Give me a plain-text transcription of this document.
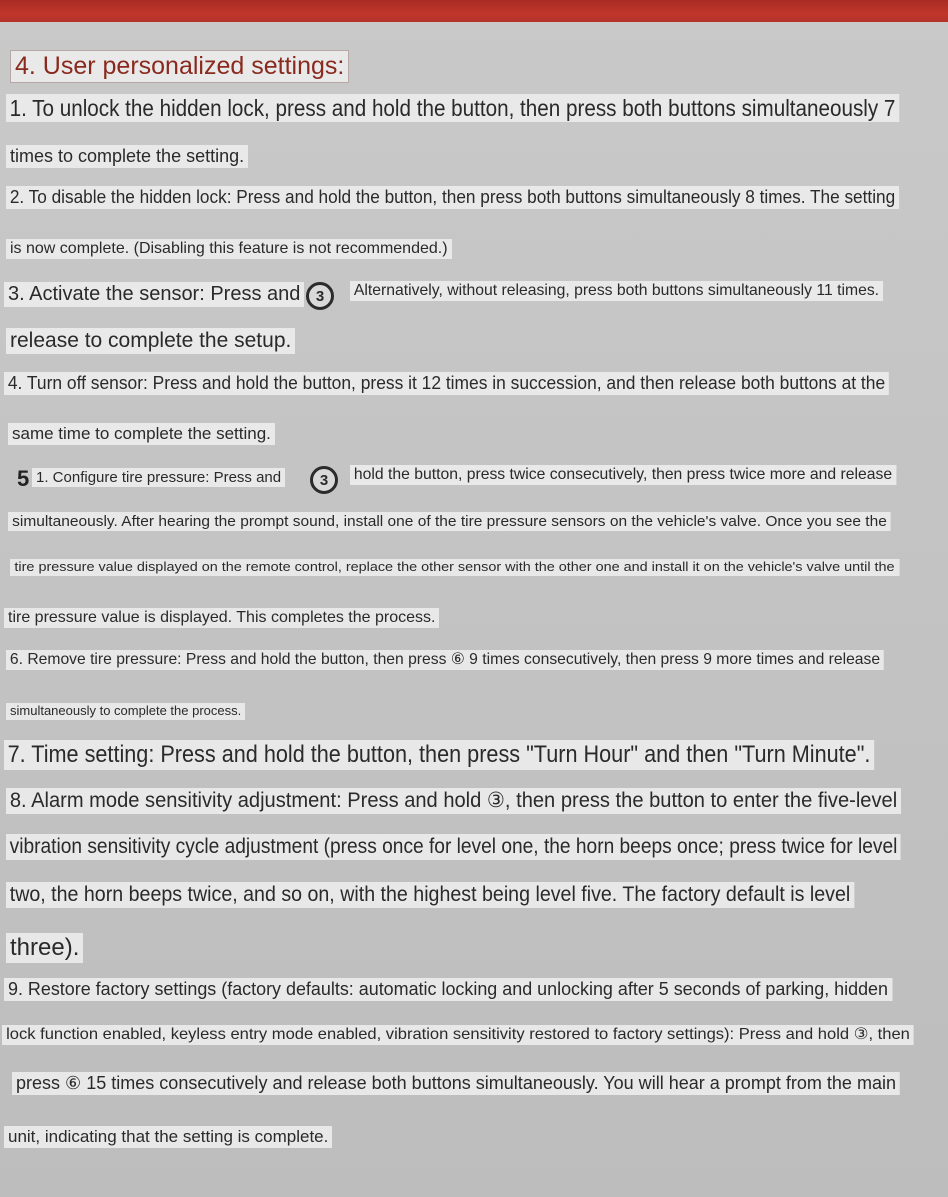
4. User personalized settings:
1. To unlock the hidden lock, press and hold the button, then press both buttons simultaneously 7
times to complete the setting.
2. To disable the hidden lock: Press and hold the button, then press both buttons simultaneously 8 times. The setting
is now complete. (Disabling this feature is not recommended.)
3. Activate the sensor: Press and 3 Alternatively, without releasing, press both buttons simultaneously 11 times.
release to complete the setup.
4. Turn off sensor: Press and hold the button, press it 12 times in succession, and then release both buttons at the
same time to complete the setting.
5 1. Configure tire pressure: Press and	3 hold the button, press twice consecutively, then press twice more and release
simultaneously. After hearing the prompt sound, install one of the tire pressure sensors on the vehicle's valve. Once you see the
tire pressure value displayed on the remote control, replace the other sensor with the other one and install it on the vehicle's valve until the
tire pressure value is displayed. This completes the process.
6. Remove tire pressure: Press and hold the button, then press ⑥ 9 times consecutively, then press 9 more times and release
simultaneously to complete the process.
7. Time setting: Press and hold the button, then press "Turn Hour" and then "Turn Minute".
8. Alarm mode sensitivity adjustment: Press and hold ③, then press the button to enter the five-level
vibration sensitivity cycle adjustment (press once for level one, the horn beeps once; press twice for level
two, the horn beeps twice, and so on, with the highest being level five. The factory default is level
three).
9. Restore factory settings (factory defaults: automatic locking and unlocking after 5 seconds of parking, hidden
lock function enabled, keyless entry mode enabled, vibration sensitivity restored to factory settings): Press and hold ③, then
press ⑥ 15 times consecutively and release both buttons simultaneously. You will hear a prompt from the main
unit, indicating that the setting is complete.
